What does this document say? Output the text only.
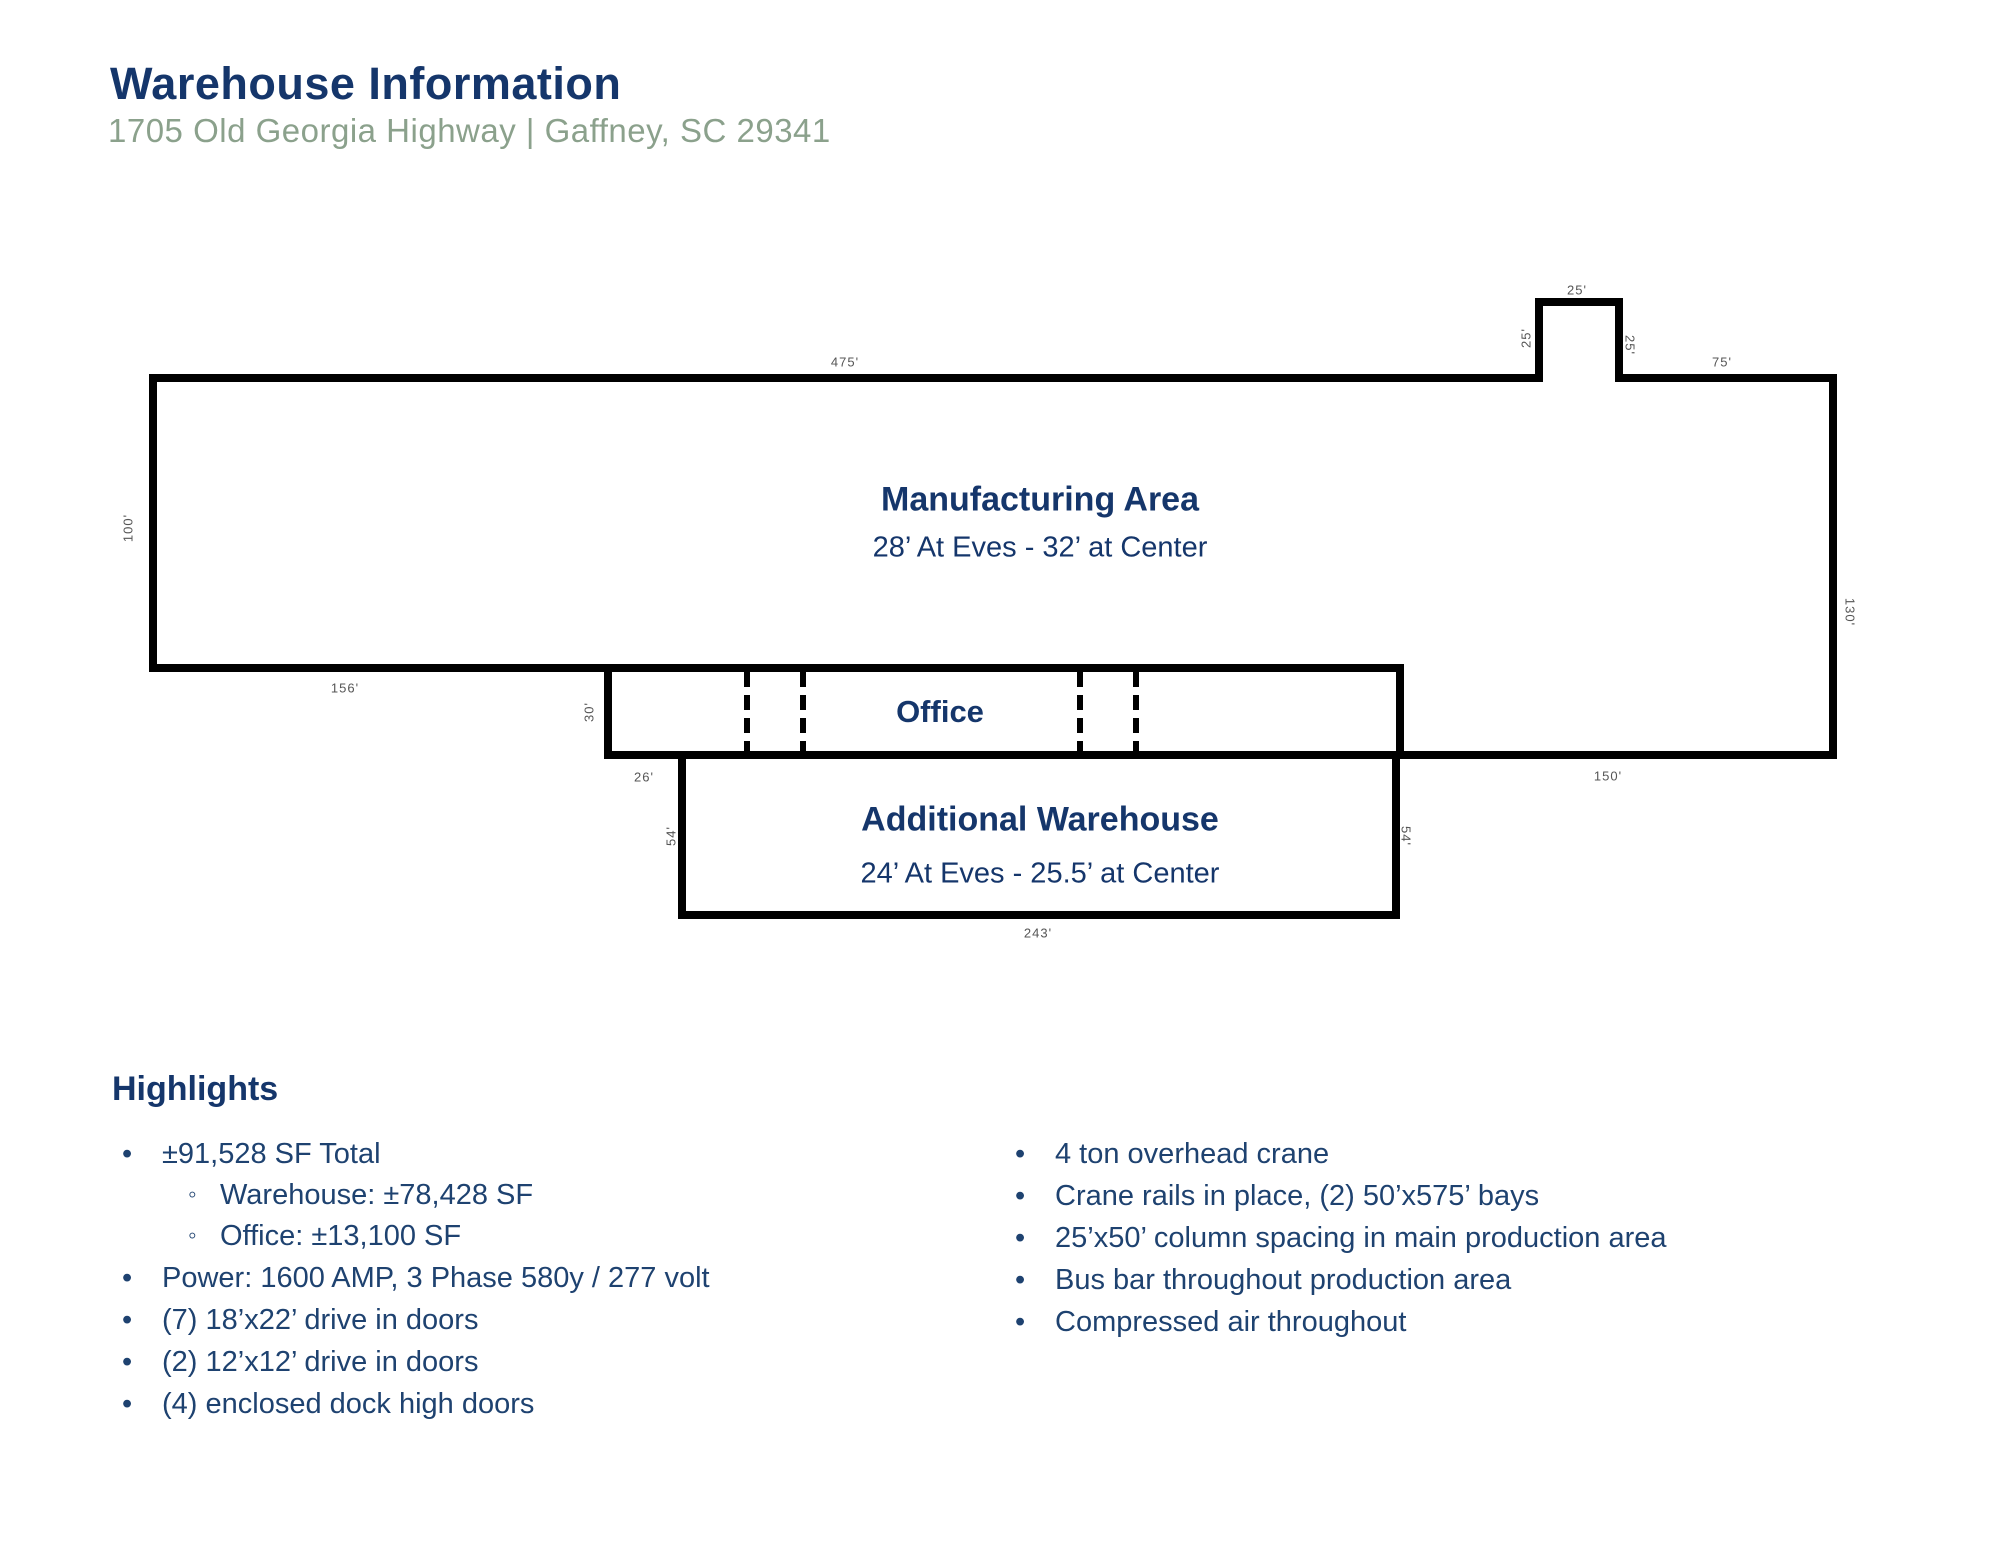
Warehouse Information
1705 Old Georgia Highway | Gaffney, SC 29341
Manufacturing Area
28’ At Eves - 32’ at Center
Office
Additional Warehouse
24’ At Eves - 25.5’ at Center
475'
25'
25'	25'
75'
100'
130'
156'
30'
26'	150'
54'	54'
243'
Highlights
• ±91,528 SF Total
◦ Warehouse: ±78,428 SF
◦ Office: ±13,100 SF
• Power: 1600 AMP, 3 Phase 580y / 277 volt
• (7) 18’x22’ drive in doors
• (2) 12’x12’ drive in doors
• (4) enclosed dock high doors
• 4 ton overhead crane
• Crane rails in place, (2) 50’x575’ bays
• 25’x50’ column spacing in main production area
• Bus bar throughout production area
• Compressed air throughout
